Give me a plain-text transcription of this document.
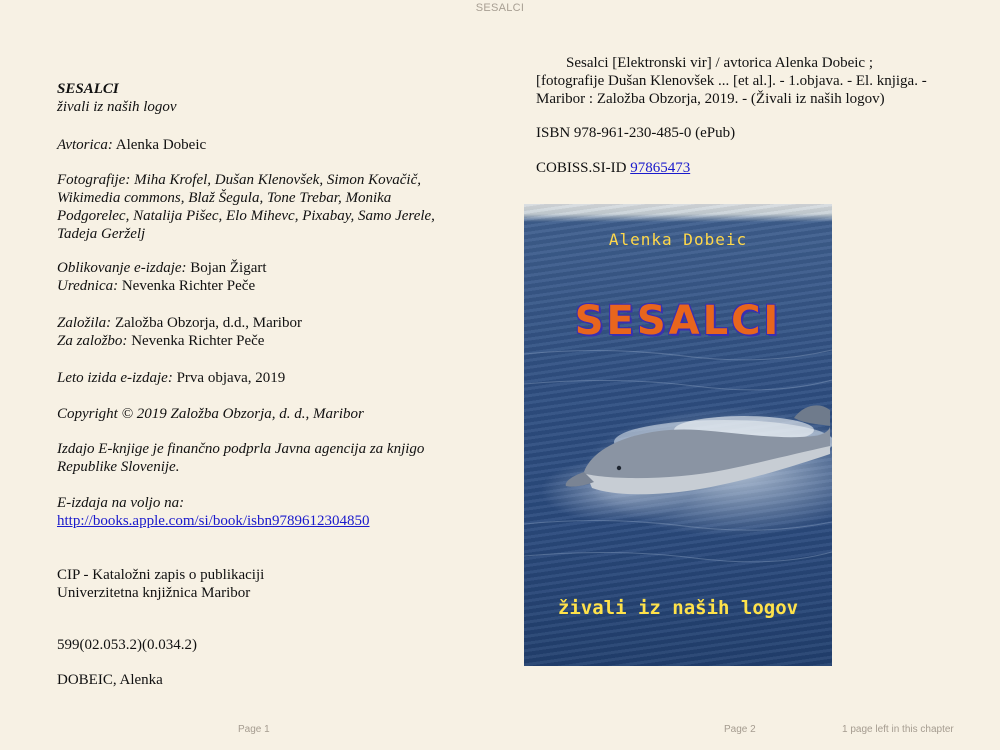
SESALCI
SESALCI
živali iz naših logov
Avtorica: Alenka Dobeic
Fotografije: Miha Krofel, Dušan Klenovšek, Simon Kovačič,
Wikimedia commons, Blaž Šegula, Tone Trebar, Monika
Podgorelec, Natalija Pišec, Elo Mihevc, Pixabay, Samo Jerele,
Tadeja Gerželj
Oblikovanje e-izdaje: Bojan Žigart
Urednica: Nevenka Richter Peče
Založila: Založba Obzorja, d.d., Maribor
Za založbo: Nevenka Richter Peče
Leto izida e-izdaje: Prva objava, 2019
Copyright © 2019 Založba Obzorja, d. d., Maribor
Izdajo E-knjige je finančno podprla Javna agencija za knjigo
Republike Slovenije.
E-izdaja na voljo na:
http://books.apple.com/si/book/isbn9789612304850
CIP - Kataložni zapis o publikaciji
Univerzitetna knjižnica Maribor
599(02.053.2)(0.034.2)
DOBEIC, Alenka
Sesalci [Elektronski vir] / avtorica Alenka Dobeic ;
[fotografije Dušan Klenovšek ... [et al.]. - 1.objava. - El. knjiga. -
Maribor : Založba Obzorja, 2019. - (Živali iz naših logov)
ISBN 978-961-230-485-0 (ePub)
COBISS.SI-ID 97865473
Alenka Dobeic
SESALCI
živali iz naših logov
Page 1	Page 2	1 page left in this chapter
